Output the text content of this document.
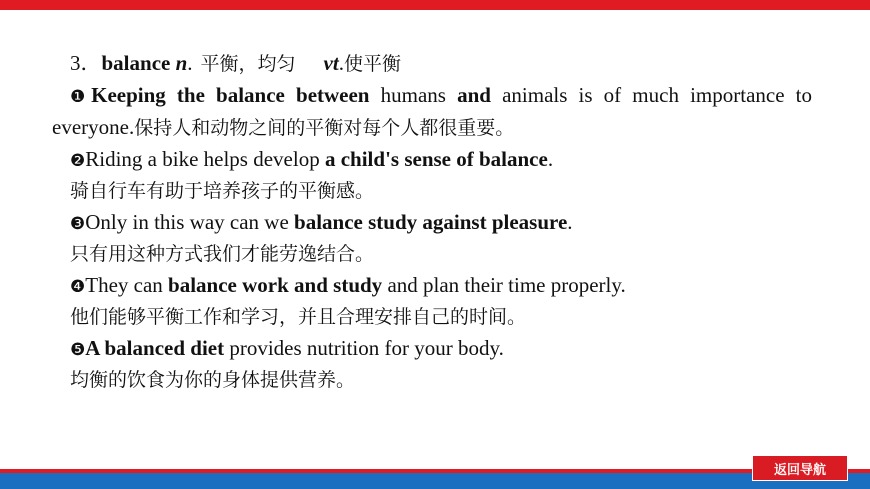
3．balance n. 平衡，均匀 vt.使平衡
❶Keeping the balance between humans and animals is of much importance to everyone.保持人和动物之间的平衡对每个人都很重要。
❷Riding a bike helps develop a child's sense of balance.
骑自行车有助于培养孩子的平衡感。
❸Only in this way can we balance study against pleasure.
只有用这种方式我们才能劳逸结合。
❹They can balance work and study and plan their time properly.
他们能够平衡工作和学习，并且合理安排自己的时间。
❺A balanced diet provides nutrition for your body.
均衡的饮食为你的身体提供营养。
返回导航
